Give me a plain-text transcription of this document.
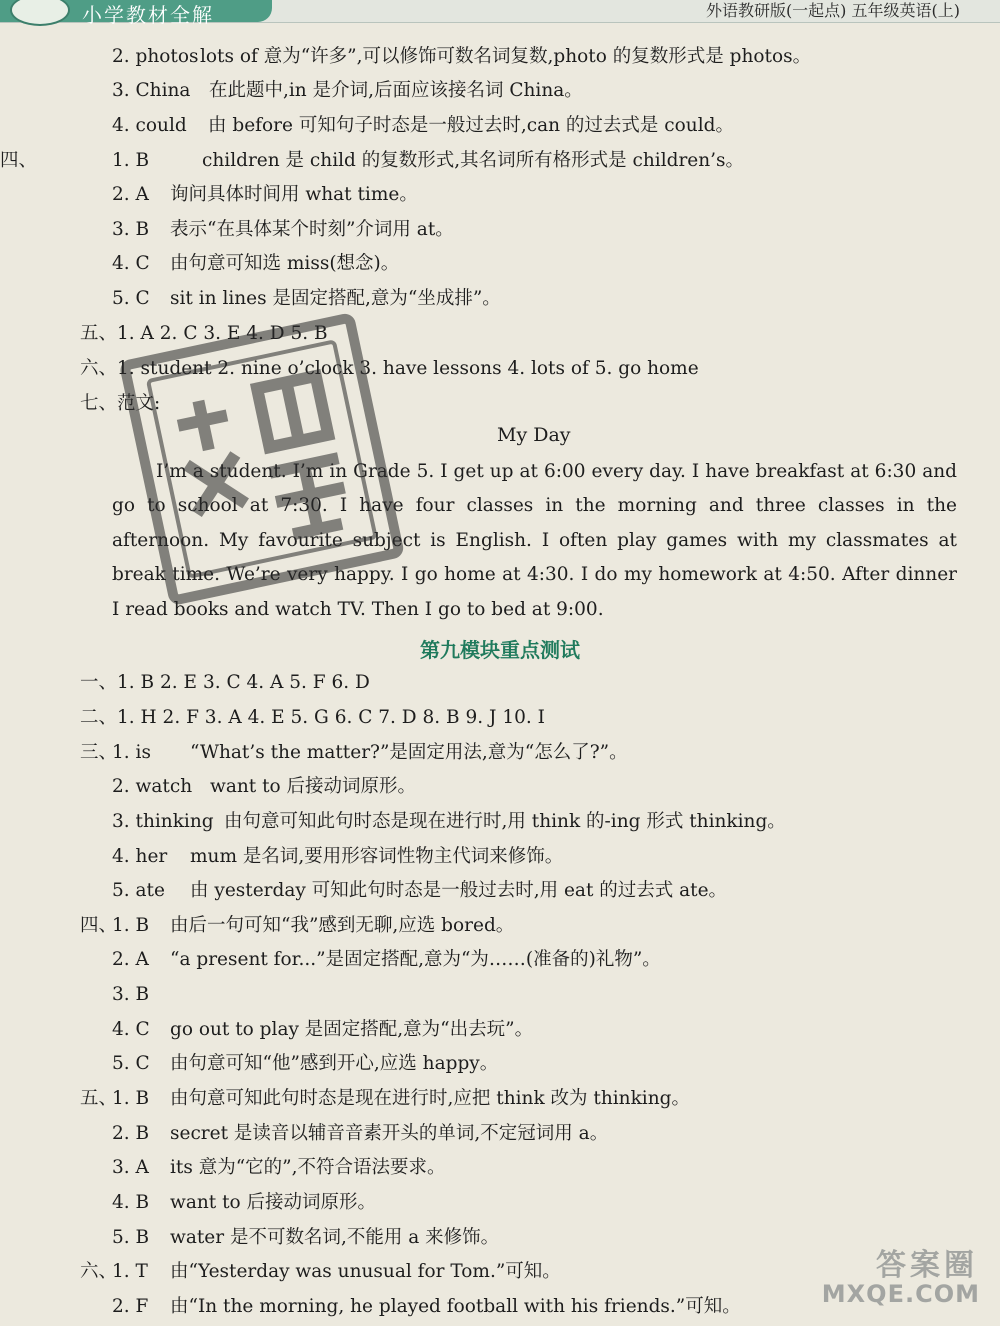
小学教材全解	外语教研版(一起点) 五年级英语(上)
2. photoslots of 意为“许多”,可以修饰可数名词复数,photo 的复数形式是 photos。
3. China 在此题中,in 是介词,后面应该接名词 China。
4. could 由 before 可知句子时态是一般过去时,can 的过去式是 could。
四、	1. B	children 是 child 的复数形式,其名词所有格形式是 children’s。
2. A 询问具体时间用 what time。
3. B 表示“在具体某个时刻”介词用 at。
4. C 由句意可知选 miss(想念)。
5. C sit in lines 是固定搭配,意为“坐成排”。
五、1. A 2. C 3. E 4. D 5. B
六、1. student 2. nine o’clock 3. have lessons 4. lots of 5. go home
七、范文:
My Day
I’m a student. I’m in Grade 5. I get up at 6:00 every day. I have breakfast at 6:30 and go to school at 7:30. I have four classes in the morning and three classes in the afternoon. My favourite subject is English. I often play games with my classmates at break time. We’re very happy. I go home at 4:30. I do my homework at 4:50. After dinner I read books and watch TV. Then I go to bed at 9:00.
第九模块重点测试
一、1. B 2. E 3. C 4. A 5. F 6. D
二、1. H 2. F 3. A 4. E 5. G 6. C 7. D 8. B 9. J 10. I
三、1. is “What’s the matter?”是固定用法,意为“怎么了?”。
2. watch want to 后接动词原形。
3. thinking 由句意可知此句时态是现在进行时,用 think 的-ing 形式 thinking。
4. her mum 是名词,要用形容词性物主代词来修饰。
5. ate 由 yesterday 可知此句时态是一般过去时,用 eat 的过去式 ate。
四、1. B 由后一句可知“我”感到无聊,应选 bored。
2. A “a present for...”是固定搭配,意为“为……(准备的)礼物”。
3. B
4. C go out to play 是固定搭配,意为“出去玩”。
5. C 由句意可知“他”感到开心,应选 happy。
五、1. B 由句意可知此句时态是现在进行时,应把 think 改为 thinking。
2. B secret 是读音以辅音音素开头的单词,不定冠词用 a。
3. A its 意为“它的”,不符合语法要求。
4. B want to 后接动词原形。
5. B water 是不可数名词,不能用 a 来修饰。
六、1. T 由“Yesterday was unusual for Tom.”可知。
2. F 由“In the morning, he played football with his friends.”可知。
答案圈
MXQE.COM
